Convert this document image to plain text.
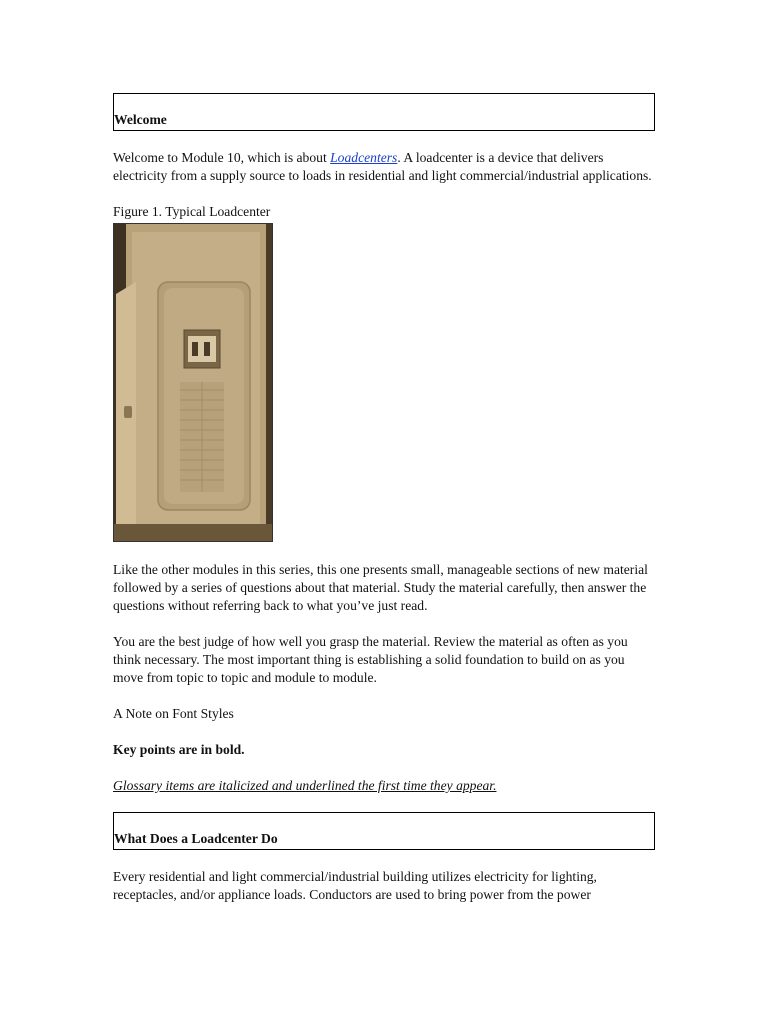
Welcome

Welcome to Module 10, which is about Loadcenters. A loadcenter is a device that delivers electricity from a supply source to loads in residential and light commercial/industrial applications.

Figure 1. Typical Loadcenter

Like the other modules in this series, this one presents small, manageable sections of new material followed by a series of questions about that material. Study the material carefully, then answer the questions without referring back to what you’ve just read.

You are the best judge of how well you grasp the material. Review the material as often as you think necessary. The most important thing is establishing a solid foundation to build on as you move from topic to topic and module to module.

A Note on Font Styles

Key points are in bold.

Glossary items are italicized and underlined the first time they appear.

What Does a Loadcenter Do

Every residential and light commercial/industrial building utilizes electricity for lighting, receptacles, and/or appliance loads. Conductors are used to bring power from the power
